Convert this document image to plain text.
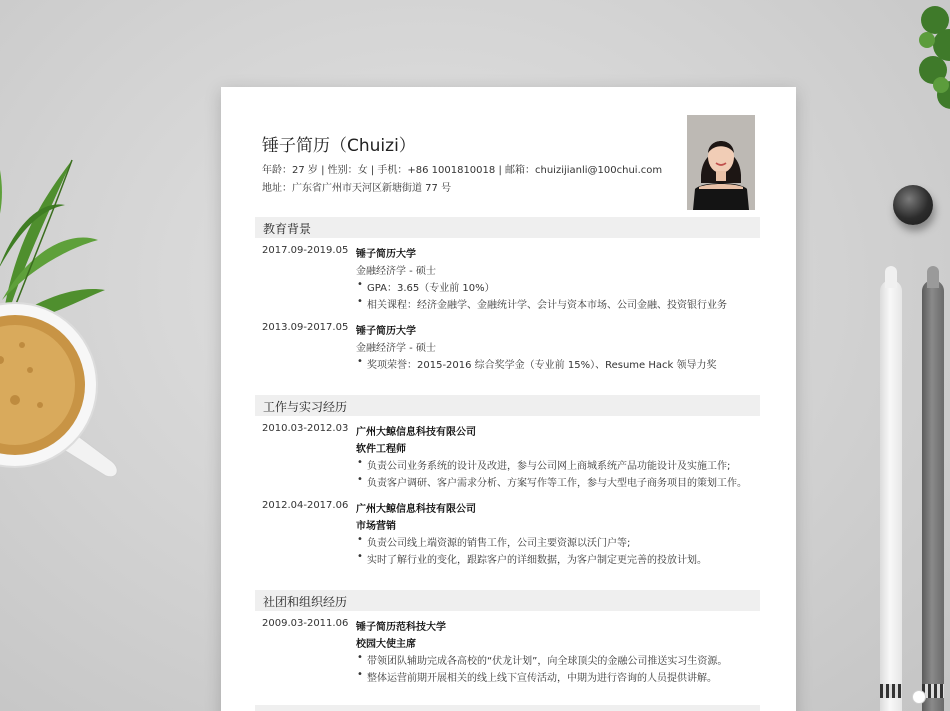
锤子简历（Chuizi）
年龄：27 岁 | 性别：女 | 手机：+86 1001810018 | 邮箱：chuizijianli@100chui.com
地址：广东省广州市天河区新塘街道 77 号
教育背景
2017.09-2019.05 锤子简历大学
金融经济学 - 硕士
• GPA：3.65（专业前 10%）
• 相关课程：经济金融学、金融统计学、会计与资本市场、公司金融、投资银行业务
2013.09-2017.05 锤子简历大学
金融经济学 - 硕士
• 奖项荣誉：2015-2016 综合奖学金（专业前 15%）、Resume Hack 领导力奖
工作与实习经历
2010.03-2012.03 广州大鲸信息科技有限公司
软件工程师
• 负责公司业务系统的设计及改进，参与公司网上商城系统产品功能设计及实施工作;
• 负责客户调研、客户需求分析、方案写作等工作，参与大型电子商务项目的策划工作。
2012.04-2017.06 广州大鲸信息科技有限公司
市场营销
• 负责公司线上端资源的销售工作，公司主要资源以沃门户等;
• 实时了解行业的变化，跟踪客户的详细数据，为客户制定更完善的投放计划。
社团和组织经历
2009.03-2011.06 锤子简历范科技大学
校园大使主席
• 带领团队辅助完成各高校的“伏龙计划”，向全球顶尖的金融公司推送实习生资源。
• 整体运营前期开展相关的线上线下宣传活动，中期为进行咨询的人员提供讲解。
